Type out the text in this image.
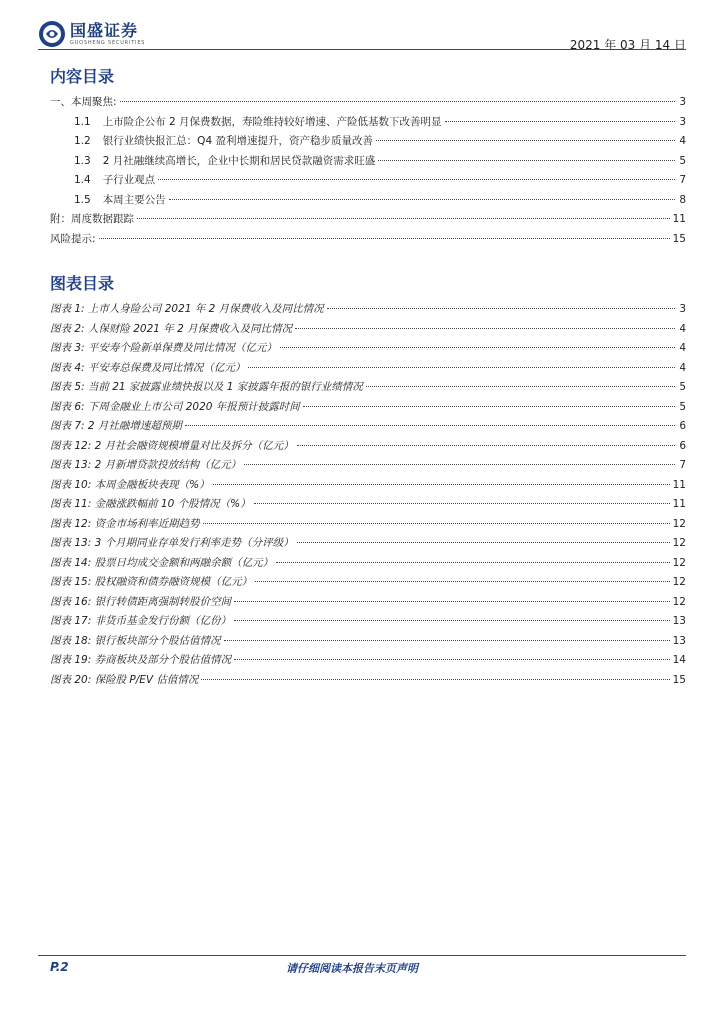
国盛证券
GUOSHENG SECURITIES	2021 年 03 月 14 日
内容目录
一、本周聚焦:	3
1.1 上市险企公布 2 月保费数据，寿险维持较好增速、产险低基数下改善明显	3
1.2 银行业绩快报汇总：Q4 盈利增速提升，资产稳步质量改善	4
1.3 2 月社融继续高增长，企业中长期和居民贷款融资需求旺盛	5
1.4 子行业观点	7
1.5 本周主要公告	8
附：周度数据跟踪	11
风险提示:	15
图表目录
图表 1: 上市人身险公司 2021 年 2 月保费收入及同比情况	3
图表 2: 人保财险 2021 年 2 月保费收入及同比情况	4
图表 3: 平安寿个险新单保费及同比情况（亿元）	4
图表 4: 平安寿总保费及同比情况（亿元）	4
图表 5: 当前 21 家披露业绩快报以及 1 家披露年报的银行业绩情况	5
图表 6: 下周金融业上市公司 2020 年报预计披露时间	5
图表 7: 2 月社融增速超预期	6
图表 12: 2 月社会融资规模增量对比及拆分（亿元）	6
图表 13: 2 月新增贷款投放结构（亿元）	7
图表 10: 本周金融板块表现（%）	11
图表 11: 金融涨跌幅前 10 个股情况（%）	11
图表 12: 资金市场利率近期趋势	12
图表 13: 3 个月期同业存单发行利率走势（分评级）	12
图表 14: 股票日均成交金额和两融余额（亿元）	12
图表 15: 股权融资和债券融资规模（亿元）	12
图表 16: 银行转债距离强制转股价空间	12
图表 17: 非货币基金发行份额（亿份）	13
图表 18: 银行板块部分个股估值情况	13
图表 19: 券商板块及部分个股估值情况	14
图表 20: 保险股 P/EV 估值情况	15
P.2	请仔细阅读本报告末页声明
